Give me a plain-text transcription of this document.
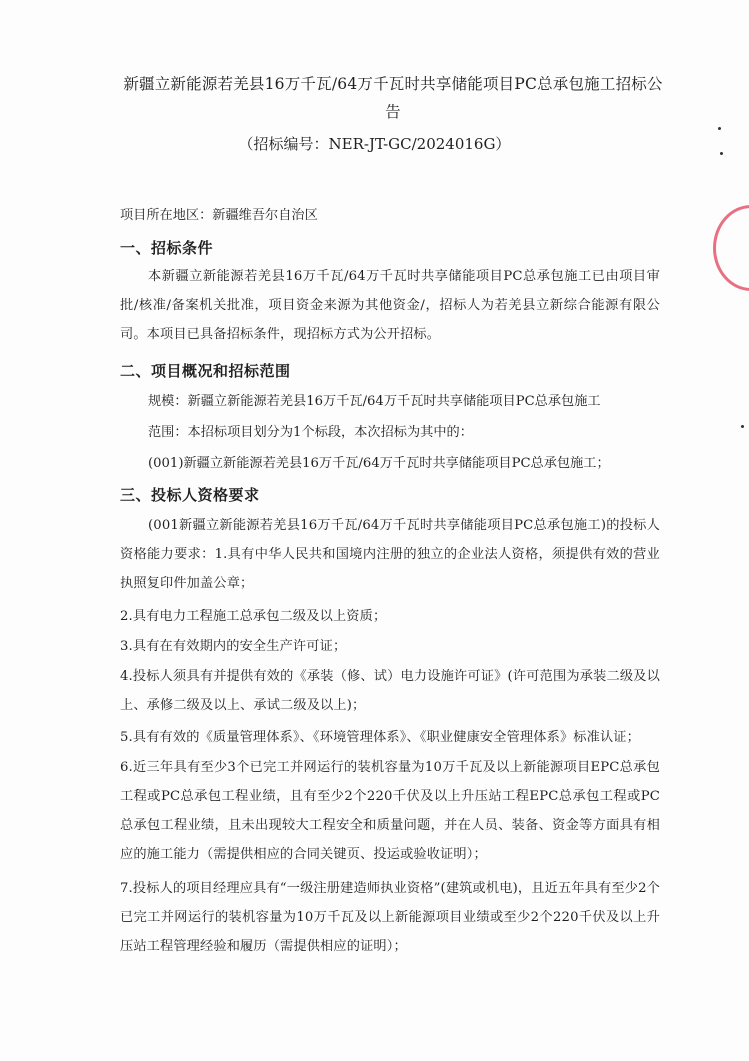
新疆立新能源若羌县16万千瓦/64万千瓦时共享储能项目PC总承包施工招标公告
（招标编号：NER-JT-GC/2024016G）
项目所在地区：新疆维吾尔自治区
一、招标条件
本新疆立新能源若羌县16万千瓦/64万千瓦时共享储能项目PC总承包施工已由项目审批/核准/备案机关批准，项目资金来源为其他资金/，招标人为若羌县立新综合能源有限公司。本项目已具备招标条件，现招标方式为公开招标。
二、项目概况和招标范围
规模：新疆立新能源若羌县16万千瓦/64万千瓦时共享储能项目PC总承包施工
范围：本招标项目划分为1个标段，本次招标为其中的：
(001)新疆立新能源若羌县16万千瓦/64万千瓦时共享储能项目PC总承包施工；
三、投标人资格要求
(001新疆立新能源若羌县16万千瓦/64万千瓦时共享储能项目PC总承包施工)的投标人资格能力要求：1.具有中华人民共和国境内注册的独立的企业法人资格，须提供有效的营业执照复印件加盖公章；
2.具有电力工程施工总承包二级及以上资质；
3.具有在有效期内的安全生产许可证；
4.投标人须具有并提供有效的《承装（修、试）电力设施许可证》(许可范围为承装二级及以上、承修二级及以上、承试二级及以上)；
5.具有有效的《质量管理体系》、《环境管理体系》、《职业健康安全管理体系》标准认证；
6.近三年具有至少3个已完工并网运行的装机容量为10万千瓦及以上新能源项目EPC总承包工程或PC总承包工程业绩，且有至少2个220千伏及以上升压站工程EPC总承包工程或PC总承包工程业绩，且未出现较大工程安全和质量问题，并在人员、装备、资金等方面具有相应的施工能力（需提供相应的合同关键页、投运或验收证明）；
7.投标人的项目经理应具有“一级注册建造师执业资格”(建筑或机电)，且近五年具有至少2个已完工并网运行的装机容量为10万千瓦及以上新能源项目业绩或至少2个220千伏及以上升压站工程管理经验和履历（需提供相应的证明）；
